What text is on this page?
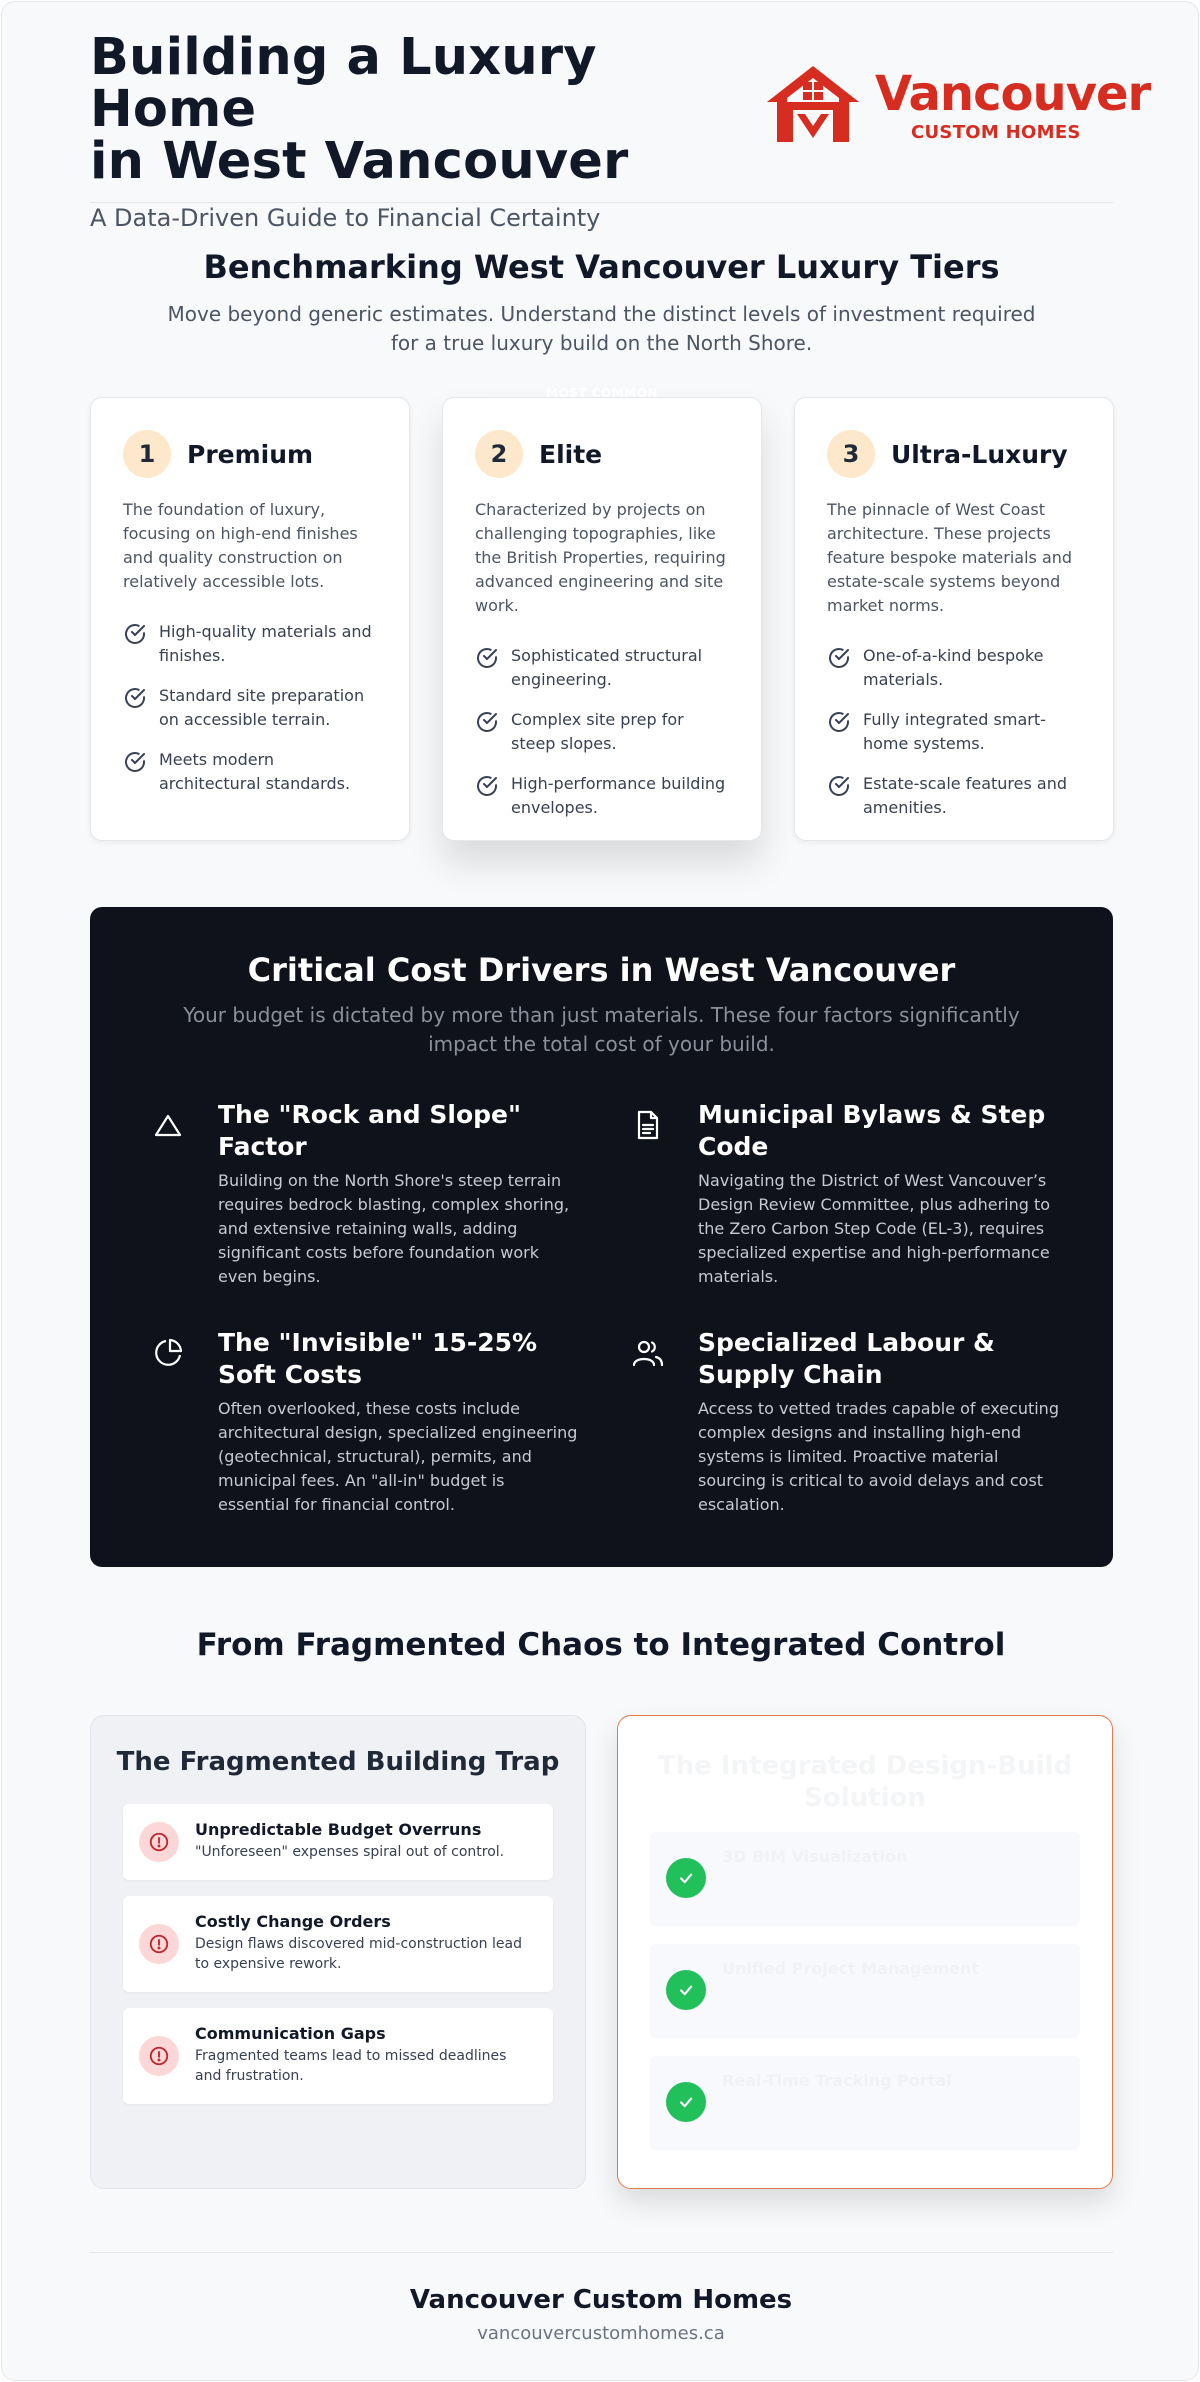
Building a Luxury Home
in West Vancouver
A Data-Driven Guide to Financial Certainty
Vancouver
CUSTOM HOMES
Benchmarking West Vancouver Luxury Tiers
Move beyond generic estimates. Understand the distinct levels of investment required for a true luxury build on the North Shore.
1	Premium
The foundation of luxury, focusing on high-end finishes and quality construction on relatively accessible lots.
High-quality materials and finishes.
Standard site preparation on accessible terrain.
Meets modern architectural standards.
MOST COMMON
2	Elite
Characterized by projects on challenging topographies, like the British Properties, requiring advanced engineering and site work.
Sophisticated structural engineering.
Complex site prep for steep slopes.
High-performance building envelopes.
3	Ultra-Luxury
The pinnacle of West Coast architecture. These projects feature bespoke materials and estate-scale systems beyond market norms.
One-of-a-kind bespoke materials.
Fully integrated smart-home systems.
Estate-scale features and amenities.
Critical Cost Drivers in West Vancouver
Your budget is dictated by more than just materials. These four factors significantly impact the total cost of your build.
The "Rock and Slope" Factor

Building on the North Shore's steep terrain requires bedrock blasting, complex shoring, and extensive retaining walls, adding significant costs before foundation work even begins.

Municipal Bylaws & Step Code

Navigating the District of West Vancouver’s Design Review Committee, plus adhering to the Zero Carbon Step Code (EL-3), requires specialized expertise and high-performance materials.

The "Invisible" 15-25% Soft Costs

Often overlooked, these costs include architectural design, specialized engineering (geotechnical, structural), permits, and municipal fees. An "all-in" budget is essential for financial control.

Specialized Labour & Supply Chain

Access to vetted trades capable of executing complex designs and installing high-end systems is limited. Proactive material sourcing is critical to avoid delays and cost escalation.

From Fragmented Chaos to Integrated Control
The Fragmented Building Trap
Unpredictable Budget Overruns
"Unforeseen" expenses spiral out of control.
Costly Change Orders
Design flaws discovered mid-construction lead to expensive rework.
Communication Gaps
Fragmented teams lead to missed deadlines and frustration.
The Integrated Design-Build Solution
3D BIM Visualization
Unified Project Management
Real-Time Tracking Portal
Vancouver Custom Homes
vancouvercustomhomes.ca
